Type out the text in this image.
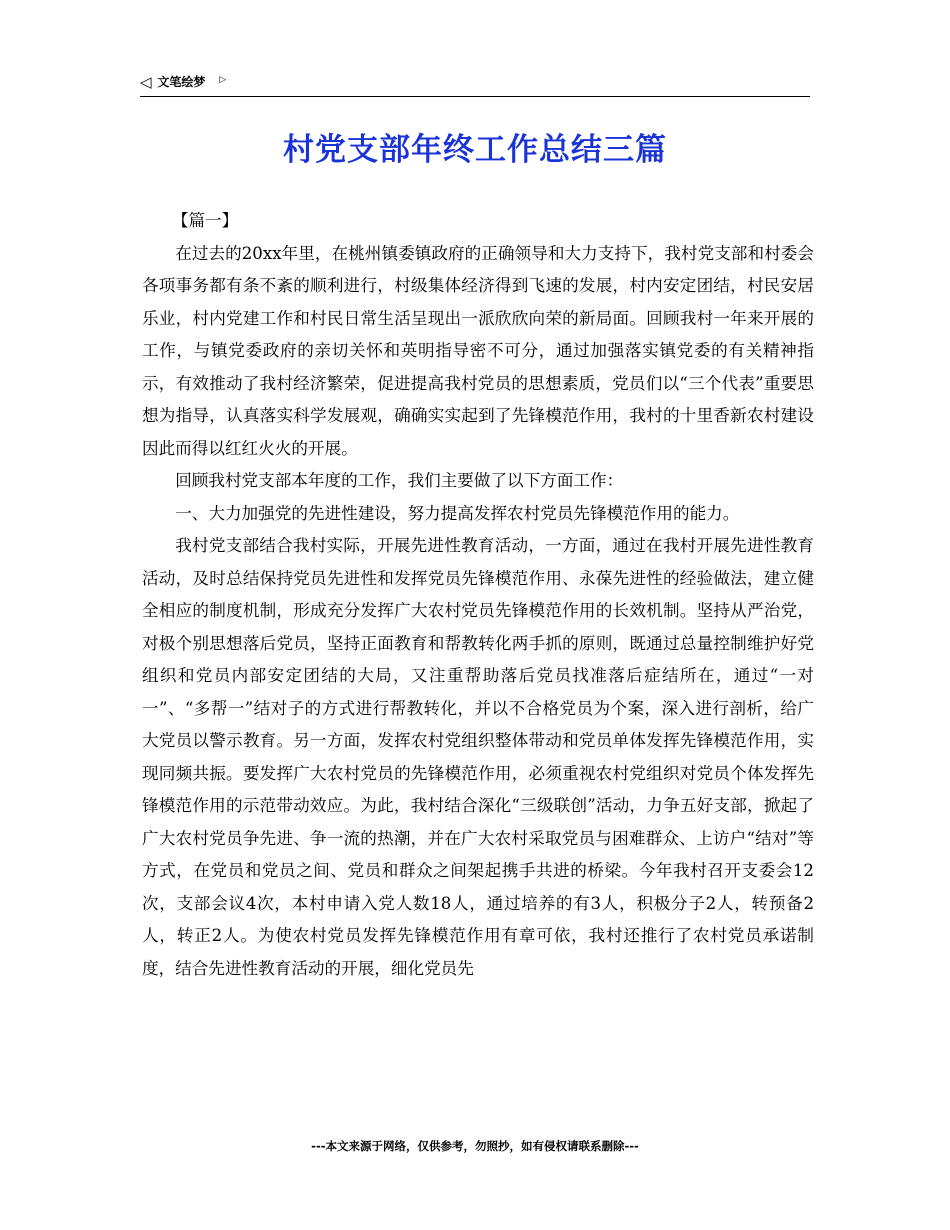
◁ 文笔绘梦 ▷
村党支部年终工作总结三篇

【篇一】

在过去的20xx年里，在桃州镇委镇政府的正确领导和大力支持下，我村党支部和村委会各项事务都有条不紊的顺利进行，村级集体经济得到飞速的发展，村内安定团结，村民安居乐业，村内党建工作和村民日常生活呈现出一派欣欣向荣的新局面。回顾我村一年来开展的工作，与镇党委政府的亲切关怀和英明指导密不可分，通过加强落实镇党委的有关精神指示，有效推动了我村经济繁荣，促进提高我村党员的思想素质，党员们以“三个代表”重要思想为指导，认真落实科学发展观，确确实实起到了先锋模范作用，我村的十里香新农村建设因此而得以红红火火的开展。

回顾我村党支部本年度的工作，我们主要做了以下方面工作：

一、大力加强党的先进性建设，努力提高发挥农村党员先锋模范作用的能力。

我村党支部结合我村实际，开展先进性教育活动，一方面，通过在我村开展先进性教育活动，及时总结保持党员先进性和发挥党员先锋模范作用、永葆先进性的经验做法，建立健全相应的制度机制，形成充分发挥广大农村党员先锋模范作用的长效机制。坚持从严治党，对极个别思想落后党员，坚持正面教育和帮教转化两手抓的原则，既通过总量控制维护好党组织和党员内部安定团结的大局，又注重帮助落后党员找准落后症结所在，通过“一对一”、“多帮一”结对子的方式进行帮教转化，并以不合格党员为个案，深入进行剖析，给广大党员以警示教育。另一方面，发挥农村党组织整体带动和党员单体发挥先锋模范作用，实现同频共振。要发挥广大农村党员的先锋模范作用，必须重视农村党组织对党员个体发挥先锋模范作用的示范带动效应。为此，我村结合深化“三级联创”活动，力争五好支部，掀起了广大农村党员争先进、争一流的热潮，并在广大农村采取党员与困难群众、上访户“结对”等方式，在党员和党员之间、党员和群众之间架起携手共进的桥梁。今年我村召开支委会12次，支部会议4次，本村申请入党人数18人，通过培养的有3人，积极分子2人，转预备2人，转正2人。为使农村党员发挥先锋模范作用有章可依，我村还推行了农村党员承诺制度，结合先进性教育活动的开展，细化党员先

---本文来源于网络，仅供参考，勿照抄，如有侵权请联系删除---
